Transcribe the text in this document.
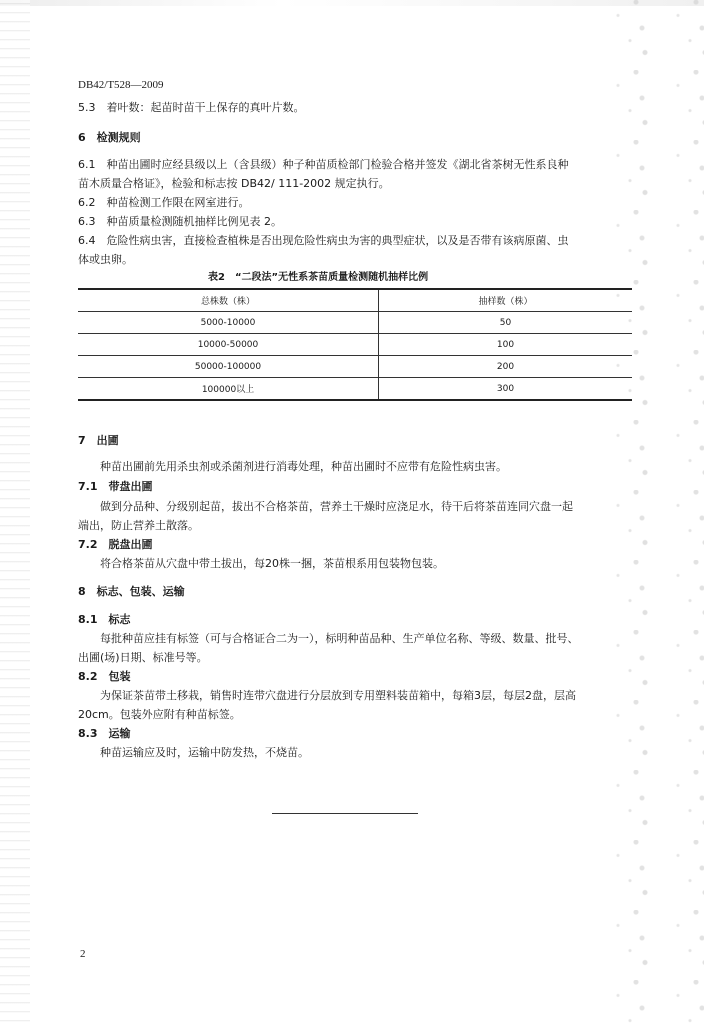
DB42/T528—2009
5.3　着叶数：起苗时苗干上保存的真叶片数。
6　检测规则
6.1　种苗出圃时应经县级以上（含县级）种子种苗质检部门检验合格并签发《湖北省茶树无性系良种
苗木质量合格证》，检验和标志按 DB42/ 111-2002 规定执行。
6.2　种苗检测工作限在网室进行。
6.3　种苗质量检测随机抽样比例见表 2。
6.4　危险性病虫害，直接检查植株是否出现危险性病虫为害的典型症状，以及是否带有该病原菌、虫
体或虫卵。
表2　“二段法”无性系茶苗质量检测随机抽样比例
总株数（株）	抽样数（株）
5000-10000	50
10000-50000	100
50000-100000	200
100000以上	300
7　出圃
种苗出圃前先用杀虫剂或杀菌剂进行消毒处理，种苗出圃时不应带有危险性病虫害。
7.1　带盘出圃
做到分品种、分级别起苗，拔出不合格茶苗，营养土干燥时应浇足水，待干后将茶苗连同穴盘一起
端出，防止营养土散落。
7.2　脱盘出圃
将合格茶苗从穴盘中带土拔出，每20株一捆，茶苗根系用包装物包装。
8　标志、包装、运输
8.1　标志
每批种苗应挂有标签（可与合格证合二为一），标明种苗品种、生产单位名称、等级、数量、批号、
出圃(场)日期、标准号等。
8.2　包装
为保证茶苗带土移栽，销售时连带穴盘进行分层放到专用塑料装苗箱中，每箱3层，每层2盘，层高
20cm。包装外应附有种苗标签。
8.3　运输
种苗运输应及时，运输中防发热，不烧苗。
2
